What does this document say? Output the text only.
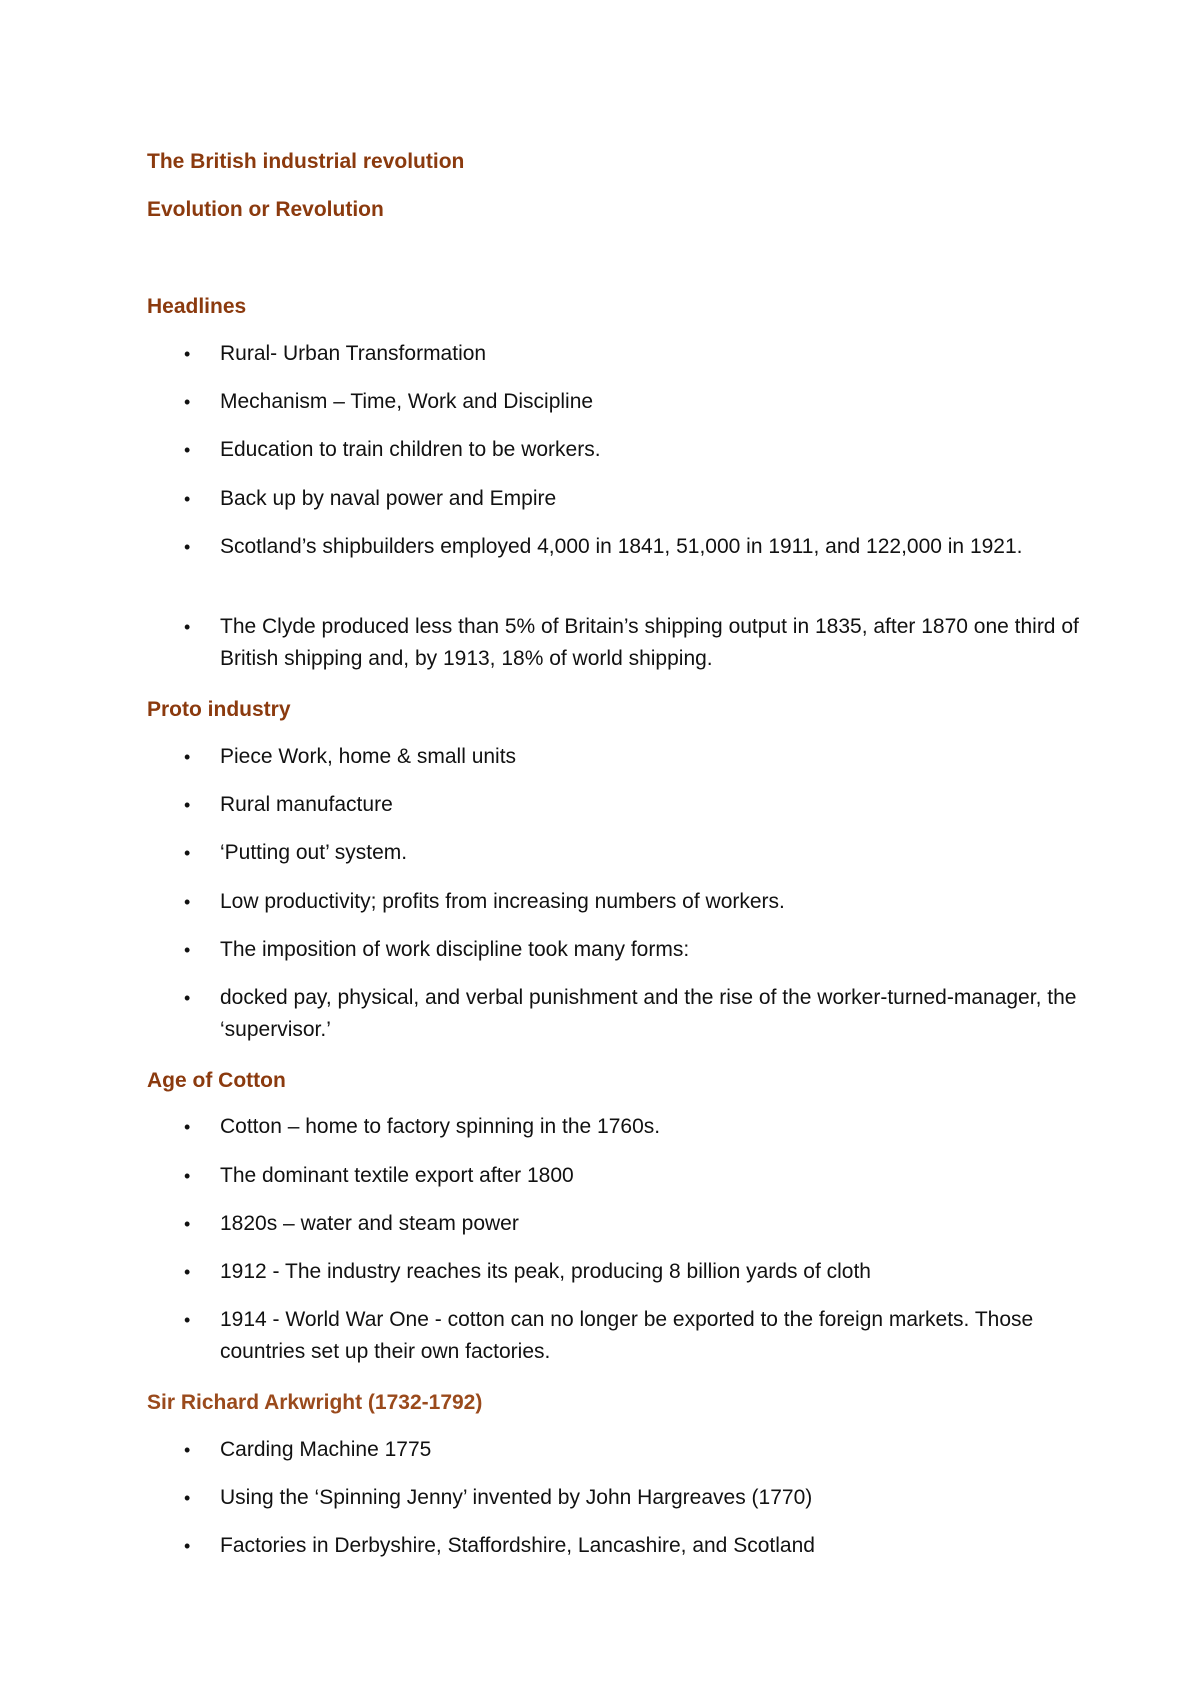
The British industrial revolution
Evolution or Revolution
Headlines
•	Rural- Urban Transformation
•	Mechanism – Time, Work and Discipline
•	Education to train children to be workers.
•	Back up by naval power and Empire
•	Scotland’s shipbuilders employed 4,000 in 1841, 51,000 in 1911, and 122,000 in 1921.
•	The Clyde produced less than 5% of Britain’s shipping output in 1835, after 1870 one third of British shipping and, by 1913, 18% of world shipping.
Proto industry
•	Piece Work, home & small units
•	Rural manufacture
•	‘Putting out’ system.
•	Low productivity; profits from increasing numbers of workers.
•	The imposition of work discipline took many forms:
•	docked pay, physical, and verbal punishment and the rise of the worker-turned-manager, the ‘supervisor.’
Age of Cotton
•	Cotton – home to factory spinning in the 1760s.
•	The dominant textile export after 1800
•	1820s – water and steam power
•	1912 - The industry reaches its peak, producing 8 billion yards of cloth
•	1914 - World War One - cotton can no longer be exported to the foreign markets. Those countries set up their own factories.
Sir Richard Arkwright (1732-1792)
•	Carding Machine 1775
•	Using the ‘Spinning Jenny’ invented by John Hargreaves (1770)
•	Factories in Derbyshire, Staffordshire, Lancashire, and Scotland
